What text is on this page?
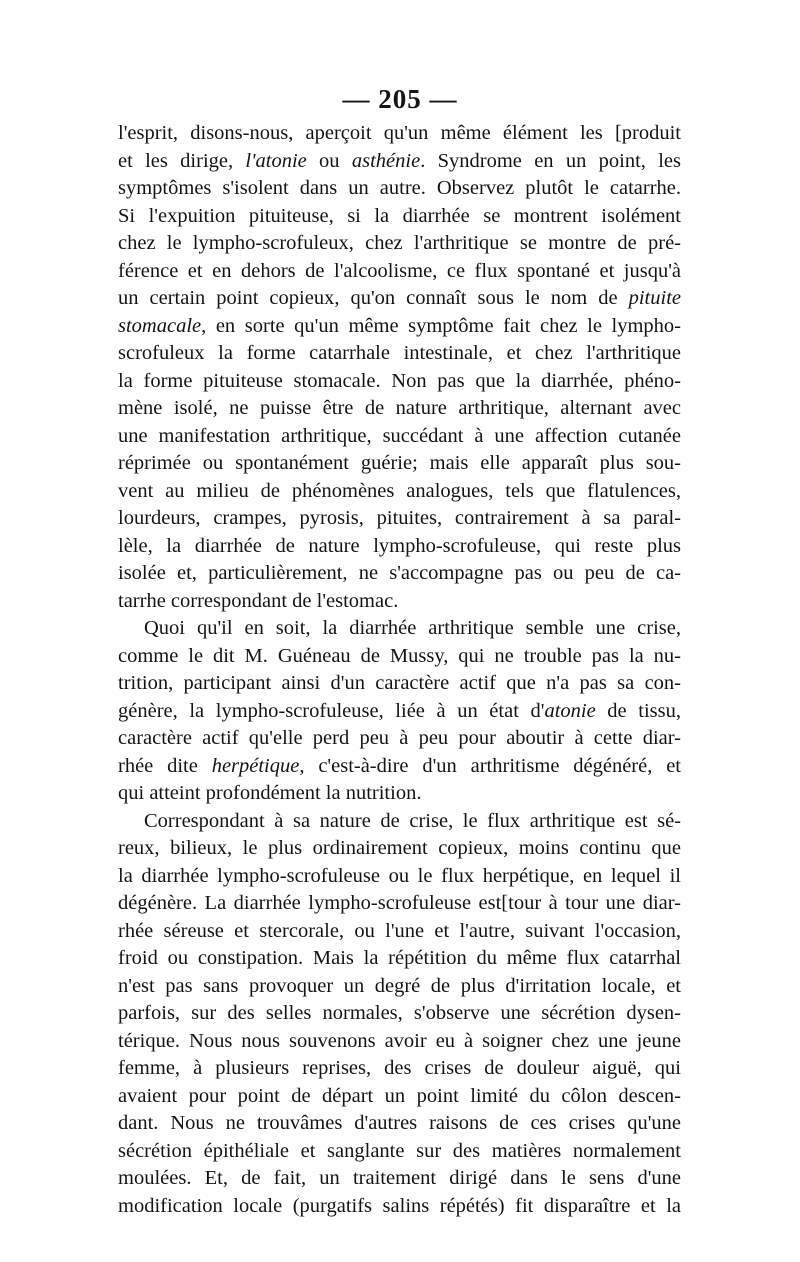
— 205 —
l'esprit, disons-nous, aperçoit qu'un même élément les [produit
et les dirige, l'atonie ou asthénie. Syndrome en un point, les
symptômes s'isolent dans un autre. Observez plutôt le catarrhe.
Si l'expuition pituiteuse, si la diarrhée se montrent isolément
chez le lympho-scrofuleux, chez l'arthritique se montre de pré-
férence et en dehors de l'alcoolisme, ce flux spontané et jusqu'à
un certain point copieux, qu'on connaît sous le nom de pituite
stomacale, en sorte qu'un même symptôme fait chez le lympho-
scrofuleux la forme catarrhale intestinale, et chez l'arthritique
la forme pituiteuse stomacale. Non pas que la diarrhée, phéno-
mène isolé, ne puisse être de nature arthritique, alternant avec
une manifestation arthritique, succédant à une affection cutanée
réprimée ou spontanément guérie; mais elle apparaît plus sou-
vent au milieu de phénomènes analogues, tels que flatulences,
lourdeurs, crampes, pyrosis, pituites, contrairement à sa paral-
lèle, la diarrhée de nature lympho-scrofuleuse, qui reste plus
isolée et, particulièrement, ne s'accompagne pas ou peu de ca-
tarrhe correspondant de l'estomac.
Quoi qu'il en soit, la diarrhée arthritique semble une crise,
comme le dit M. Guéneau de Mussy, qui ne trouble pas la nu-
trition, participant ainsi d'un caractère actif que n'a pas sa con-
génère, la lympho-scrofuleuse, liée à un état d'atonie de tissu,
caractère actif qu'elle perd peu à peu pour aboutir à cette diar-
rhée dite herpétique, c'est-à-dire d'un arthritisme dégénéré, et
qui atteint profondément la nutrition.
Correspondant à sa nature de crise, le flux arthritique est sé-
reux, bilieux, le plus ordinairement copieux, moins continu que
la diarrhée lympho-scrofuleuse ou le flux herpétique, en lequel il
dégénère. La diarrhée lympho-scrofuleuse est[tour à tour une diar-
rhée séreuse et stercorale, ou l'une et l'autre, suivant l'occasion,
froid ou constipation. Mais la répétition du même flux catarrhal
n'est pas sans provoquer un degré de plus d'irritation locale, et
parfois, sur des selles normales, s'observe une sécrétion dysen-
térique. Nous nous souvenons avoir eu à soigner chez une jeune
femme, à plusieurs reprises, des crises de douleur aiguë, qui
avaient pour point de départ un point limité du côlon descen-
dant. Nous ne trouvâmes d'autres raisons de ces crises qu'une
sécrétion épithéliale et sanglante sur des matières normalement
moulées. Et, de fait, un traitement dirigé dans le sens d'une
modification locale (purgatifs salins répétés) fit disparaître et la
